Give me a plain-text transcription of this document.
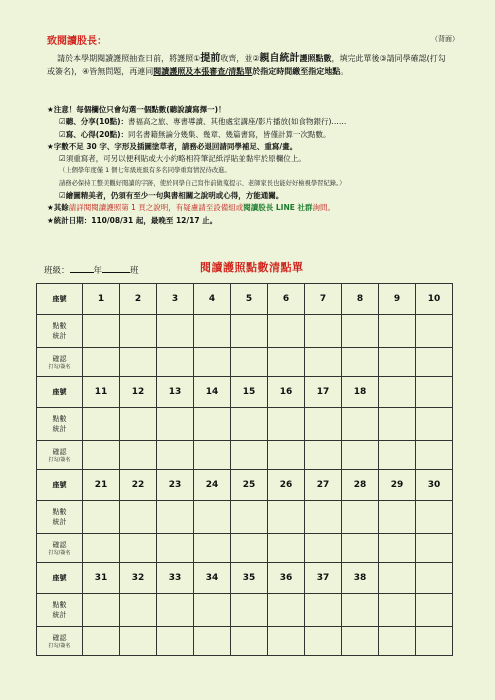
致閱讀股長：	（背面）
請於本學期閱讀護照抽查日前，將護照①提前收齊，並②親自統計護照點數，填完此單後③請同學確認(打勾或簽名)，④皆無問題，再連同閱讀護照及本張審查/清點單於指定時間繳至指定地點。
★注意！每個欄位只會勾選一個點數(聽說讀寫擇一)！
☑聽、分享(10點)：書福高之旅、專書導讀、其他處室講座/影片播放(如食物銀行)……
☑寫、心得(20點)：同名書籍無論分幾集、幾章、幾篇書寫，皆僅計算一次點數。
★字數不足 30 字、字形及插圖塗草者，請務必退回請同學補足、重寫/畫。
☑須重寫者，可另以便利貼或大小約略相符筆記紙浮貼並黏牢於原欄位上。
（上個學年度僅 1 個七年級班級有多名同學重寫情況待改進。
請務必保持工整美觀好閱讀的字跡，使於同學自己寫作前做蒐提示、老師家長也能好好檢視學習紀錄。）
☑繪圖精美者，仍須有至少一句與書相關之說明或心得，方能通關。
★其餘請詳閱閱讀護照第 1 頁之說明，有疑慮請至設備組或閱讀股長 LINE 社群詢問。
★統計日期：110/08/31 起，最晚至 12/17 止。
班級：	年	班	閱讀護照點數清點單
座號	1	2	3	4	5	6	7	8	9	10

點數
統計										

確認
打勾/簽名										

座號	11	12	13	14	15	16	17	18		

點數
統計										

確認
打勾/簽名										

座號	21	22	23	24	25	26	27	28	29	30

點數
統計										

確認
打勾/簽名										

座號	31	32	33	34	35	36	37	38		

點數
統計										

確認
打勾/簽名										
